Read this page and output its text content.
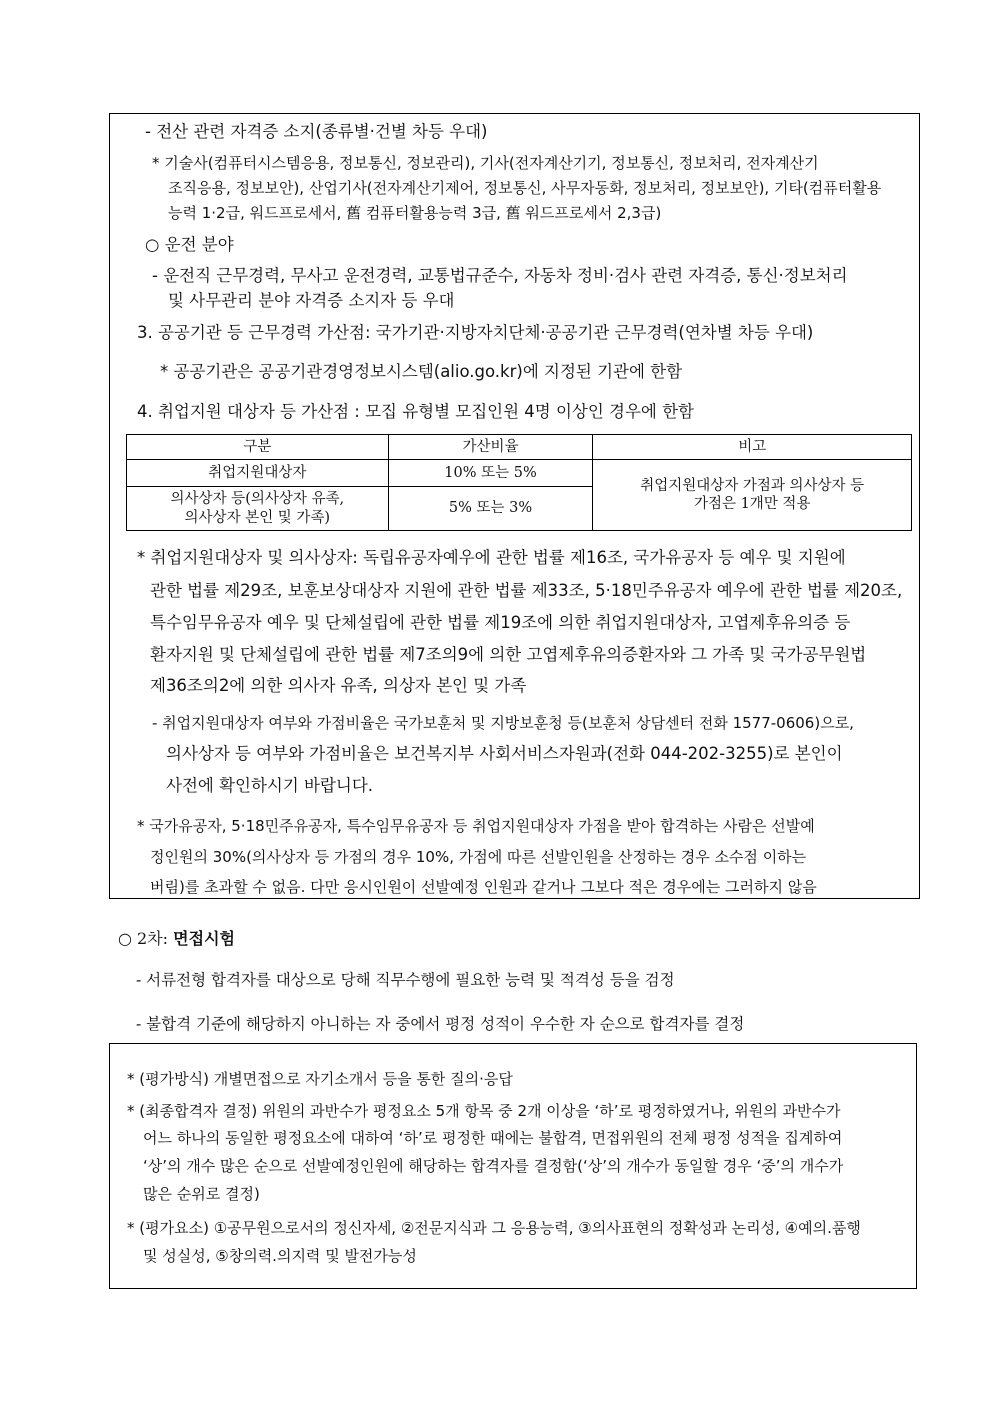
- 전산 관련 자격증 소지(종류별·건별 차등 우대)
* 기술사(컴퓨터시스템응용, 정보통신, 정보관리), 기사(전자계산기기, 정보통신, 정보처리, 전자계산기
조직응용, 정보보안), 산업기사(전자계산기제어, 정보통신, 사무자동화, 정보처리, 정보보안), 기타(컴퓨터활용
능력 1·2급, 워드프로세서, 舊 컴퓨터활용능력 3급, 舊 워드프로세서 2,3급)
○ 운전 분야
- 운전직 근무경력, 무사고 운전경력, 교통법규준수, 자동차 정비·검사 관련 자격증, 통신·정보처리
및 사무관리 분야 자격증 소지자 등 우대
3. 공공기관 등 근무경력 가산점: 국가기관·지방자치단체·공공기관 근무경력(연차별 차등 우대)
* 공공기관은 공공기관경영정보시스템(alio.go.kr)에 지정된 기관에 한함
4. 취업지원 대상자 등 가산점 : 모집 유형별 모집인원 4명 이상인 경우에 한함
구분	가산비율	비고
취업지원대상자	10% 또는 5%	취업지원대상자 가점과 의사상자 등
가점은 1개만 적용

의사상자 등(의사상자 유족,
의사상자 본인 및 가족)	5% 또는 3%	
* 취업지원대상자 및 의사상자: 독립유공자예우에 관한 법률 제16조, 국가유공자 등 예우 및 지원에
관한 법률 제29조, 보훈보상대상자 지원에 관한 법률 제33조, 5·18민주유공자 예우에 관한 법률 제20조,
특수임무유공자 예우 및 단체설립에 관한 법률 제19조에 의한 취업지원대상자, 고엽제후유의증 등
환자지원 및 단체설립에 관한 법률 제7조의9에 의한 고엽제후유의증환자와 그 가족 및 국가공무원법
제36조의2에 의한 의사자 유족, 의상자 본인 및 가족
- 취업지원대상자 여부와 가점비율은 국가보훈처 및 지방보훈청 등(보훈처 상담센터 전화 1577-0606)으로,
의사상자 등 여부와 가점비율은 보건복지부 사회서비스자원과(전화 044-202-3255)로 본인이
사전에 확인하시기 바랍니다.
* 국가유공자, 5·18민주유공자, 특수임무유공자 등 취업지원대상자 가점을 받아 합격하는 사람은 선발예
정인원의 30%(의사상자 등 가점의 경우 10%, 가점에 따른 선발인원을 산정하는 경우 소수점 이하는
버림)를 초과할 수 없음. 다만 응시인원이 선발예정 인원과 같거나 그보다 적은 경우에는 그러하지 않음
○ 2차: 면접시험
- 서류전형 합격자를 대상으로 당해 직무수행에 필요한 능력 및 적격성 등을 검정
- 불합격 기준에 해당하지 아니하는 자 중에서 평정 성적이 우수한 자 순으로 합격자를 결정
* (평가방식) 개별면접으로 자기소개서 등을 통한 질의·응답
* (최종합격자 결정) 위원의 과반수가 평정요소 5개 항목 중 2개 이상을 ‘하’로 평정하였거나, 위원의 과반수가
어느 하나의 동일한 평정요소에 대하여 ‘하’로 평정한 때에는 불합격, 면접위원의 전체 평정 성적을 집계하여
‘상’의 개수 많은 순으로 선발예정인원에 해당하는 합격자를 결정함(‘상’의 개수가 동일할 경우 ‘중’의 개수가
많은 순위로 결정)
* (평가요소) ①공무원으로서의 정신자세, ②전문지식과 그 응용능력, ③의사표현의 정확성과 논리성, ④예의.품행
및 성실성, ⑤창의력.의지력 및 발전가능성
